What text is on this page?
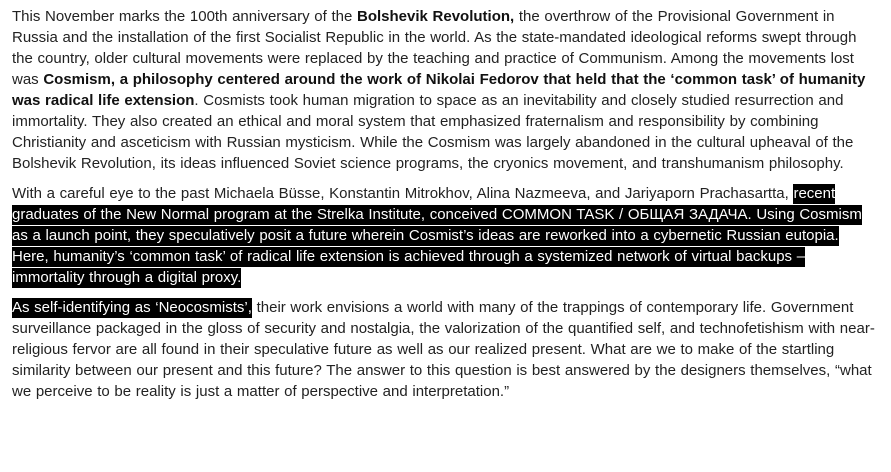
This November marks the 100th anniversary of the Bolshevik Revolution, the overthrow of the Provisional Government in Russia and the installation of the first Socialist Republic in the world. As the state-mandated ideological reforms swept through the country, older cultural movements were replaced by the teaching and practice of Communism. Among the movements lost was Cosmism, a philosophy centered around the work of Nikolai Fedorov that held that the ‘common task’ of humanity was radical life extension. Cosmists took human migration to space as an inevitability and closely studied resurrection and immortality. They also created an ethical and moral system that emphasized fraternalism and responsibility by combining Christianity and asceticism with Russian mysticism. While the Cosmism was largely abandoned in the cultural upheaval of the Bolshevik Revolution, its ideas influenced Soviet science programs, the cryonics movement, and transhumanism philosophy.

With a careful eye to the past Michaela Büsse, Konstantin Mitrokhov, Alina Nazmeeva, and Jariyaporn Prachasartta, recent graduates of the New Normal program at the Strelka Institute, conceived COMMON TASK / ОБЩАЯ ЗАДАЧА. Using Cosmism as a launch point, they speculatively posit a future wherein Cosmist’s ideas are reworked into a cybernetic Russian eutopia. Here, humanity’s ‘common task’ of radical life extension is achieved through a systemized network of virtual backups – immortality through a digital proxy.

As self-identifying as ‘Neocosmists’, their work envisions a world with many of the trappings of contemporary life. Government surveillance packaged in the gloss of security and nostalgia, the valorization of the quantified self, and technofetishism with near-religious fervor are all found in their speculative future as well as our realized present. What are we to make of the startling similarity between our present and this future? The answer to this question is best answered by the designers themselves, “what we perceive to be reality is just a matter of perspective and interpretation.”
